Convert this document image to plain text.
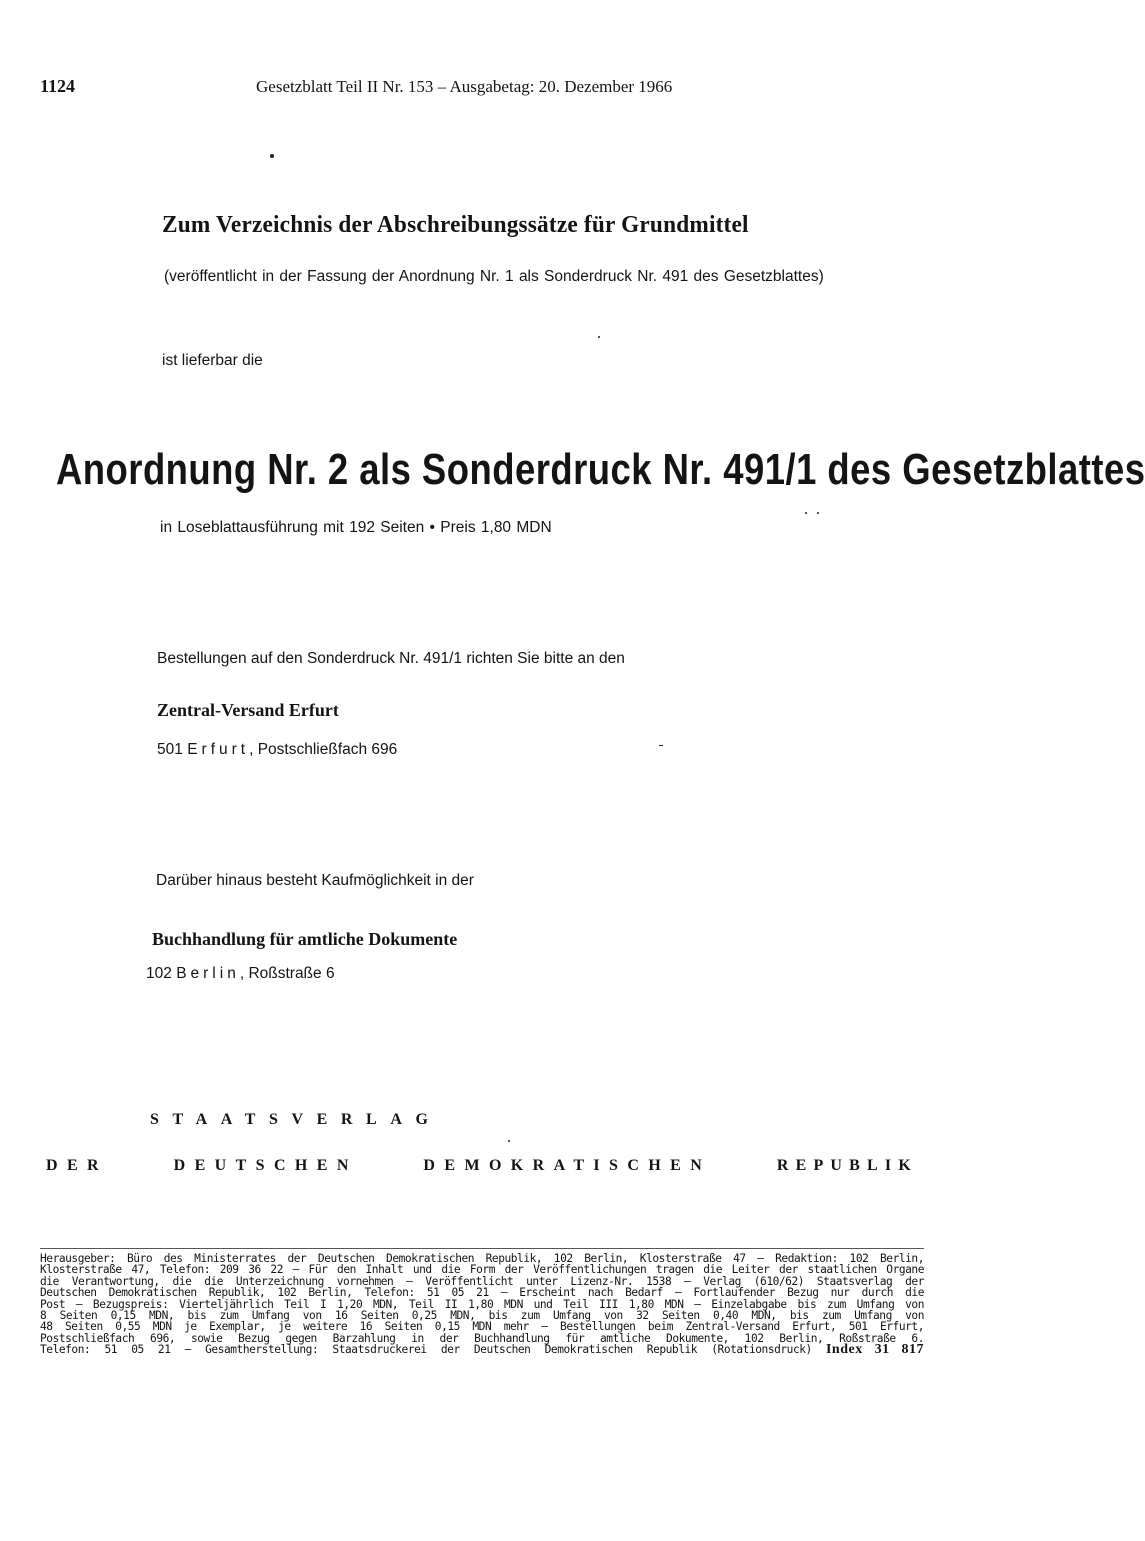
1124	Gesetzblatt Teil II Nr. 153 – Ausgabetag: 20. Dezember 1966
Zum Verzeichnis der Abschreibungssätze für Grundmittel
(veröffentlicht in der Fassung der Anordnung Nr. 1 als Sonderdruck Nr. 491 des Gesetzblattes)
ist lieferbar die
Anordnung Nr. 2 als Sonderdruck Nr. 491/1 des Gesetzblattes
in Loseblattausführung mit 192 Seiten • Preis 1,80 MDN
Bestellungen auf den Sonderdruck Nr. 491/1 richten Sie bitte an den
Zentral-Versand Erfurt
501 Erfurt, Postschließfach 696
Darüber hinaus besteht Kaufmöglichkeit in der
Buchhandlung für amtliche Dokumente
102 Berlin, Roßstraße 6
STAATSVERLAG
DER	DEUTSCHEN	DEMOKRATISCHEN	REPUBLIK
Herausgeber: Büro des Ministerrates der Deutschen Demokratischen Republik, 102 Berlin, Klosterstraße 47 – Redaktion: 102 Berlin,
Klosterstraße 47, Telefon: 209 36 22 – Für den Inhalt und die Form der Veröffentlichungen tragen die Leiter der staatlichen Organe
die Verantwortung, die die Unterzeichnung vornehmen – Veröffentlicht unter Lizenz-Nr. 1538 – Verlag (610/62) Staatsverlag der
Deutschen Demokratischen Republik, 102 Berlin, Telefon: 51 05 21 – Erscheint nach Bedarf – Fortlaufender Bezug nur durch die
Post – Bezugspreis: Vierteljährlich Teil I 1,20 MDN, Teil II 1,80 MDN und Teil III 1,80 MDN – Einzelabgabe bis zum Umfang von
8 Seiten 0,15 MDN, bis zum Umfang von 16 Seiten 0,25 MDN, bis zum Umfang von 32 Seiten 0,40 MDN, bis zum Umfang von
48 Seiten 0,55 MDN je Exemplar, je weitere 16 Seiten 0,15 MDN mehr – Bestellungen beim Zentral-Versand Erfurt, 501 Erfurt,
Postschließfach 696, sowie Bezug gegen Barzahlung in der Buchhandlung für amtliche Dokumente, 102 Berlin, Roßstraße 6.
Telefon: 51 05 21 – Gesamtherstellung: Staatsdruckerei der Deutschen Demokratischen Republik (Rotationsdruck) Index 31 817
